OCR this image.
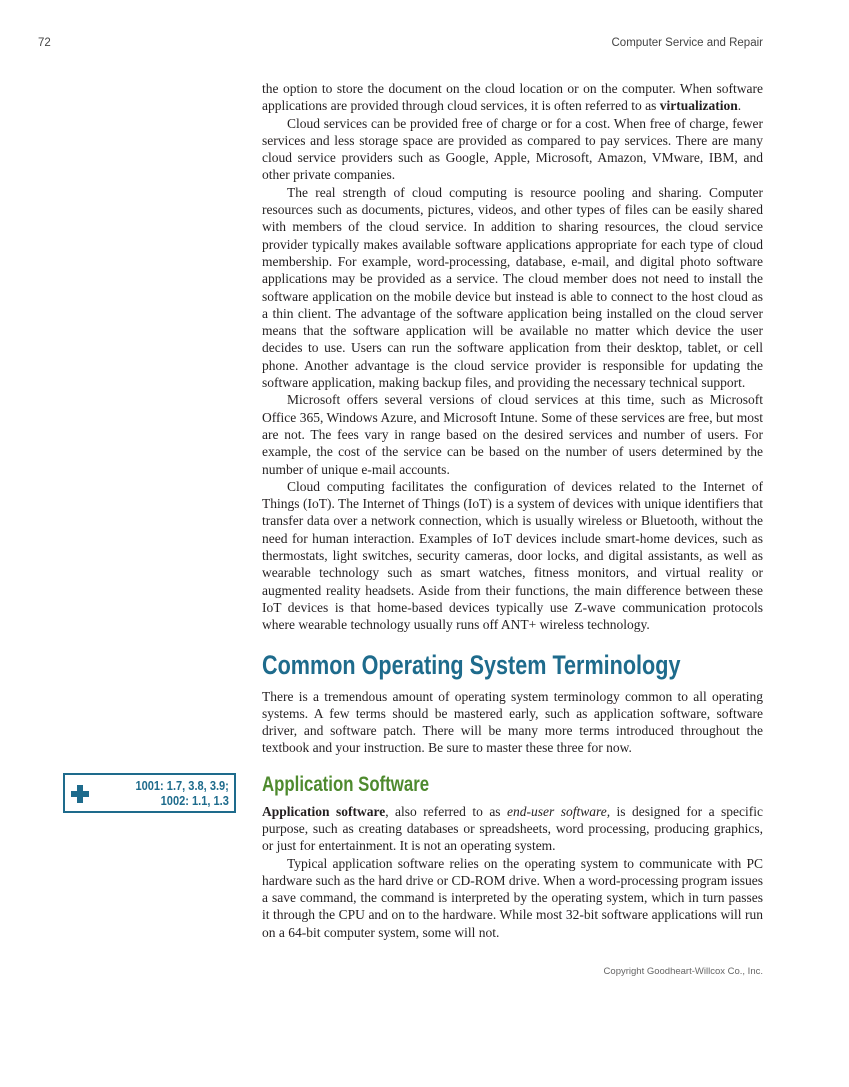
72	Computer Service and Repair

the option to store the document on the cloud location or on the computer. When software applications are provided through cloud services, it is often referred to as virtualization.

Cloud services can be provided free of charge or for a cost. When free of charge, fewer services and less storage space are provided as compared to pay services. There are many cloud service providers such as Google, Apple, Microsoft, Amazon, VMware, IBM, and other private companies.

The real strength of cloud computing is resource pooling and sharing. Computer resources such as documents, pictures, videos, and other types of files can be easily shared with members of the cloud service. In addition to sharing resources, the cloud service provider typically makes available software applications appropriate for each type of cloud membership. For example, word-processing, database, e-mail, and digital photo software applications may be provided as a service. The cloud member does not need to install the software application on the mobile device but instead is able to connect to the host cloud as a thin client. The advantage of the software application being installed on the cloud server means that the software application will be available no matter which device the user decides to use. Users can run the software application from their desktop, tablet, or cell phone. Another advantage is the cloud service provider is responsible for updating the software application, making backup files, and providing the necessary technical support.

Microsoft offers several versions of cloud services at this time, such as Microsoft Office 365, Windows Azure, and Microsoft Intune. Some of these services are free, but most are not. The fees vary in range based on the desired services and number of users. For example, the cost of the service can be based on the number of users determined by the number of unique e-mail accounts.

Cloud computing facilitates the configuration of devices related to the Internet of Things (IoT). The Internet of Things (IoT) is a system of devices with unique identifiers that transfer data over a network connection, which is usually wireless or Bluetooth, without the need for human interaction. Examples of IoT devices include smart-home devices, such as thermostats, light switches, security cameras, door locks, and digital assistants, as well as wearable technology such as smart watches, fitness monitors, and virtual reality or augmented reality headsets. Aside from their functions, the main difference between these IoT devices is that home-based devices typically use Z-wave communication protocols where wearable technology usually runs off ANT+ wireless technology.

Common Operating System Terminology

There is a tremendous amount of operating system terminology common to all operating systems. A few terms should be mastered early, such as application software, software driver, and software patch. There will be many more terms introduced throughout the textbook and your instruction. Be sure to master these three for now.

1001: 1.7, 3.8, 3.9;
1002: 1.1, 1.3
Application Software

Application software, also referred to as end-user software, is designed for a specific purpose, such as creating databases or spreadsheets, word processing, producing graphics, or just for entertainment. It is not an operating system.

Typical application software relies on the operating system to communicate with PC hardware such as the hard drive or CD-ROM drive. When a word-processing program issues a save command, the command is interpreted by the operating system, which in turn passes it through the CPU and on to the hardware. While most 32-bit software applications will run on a 64-bit computer system, some will not.

Copyright Goodheart-Willcox Co., Inc.
